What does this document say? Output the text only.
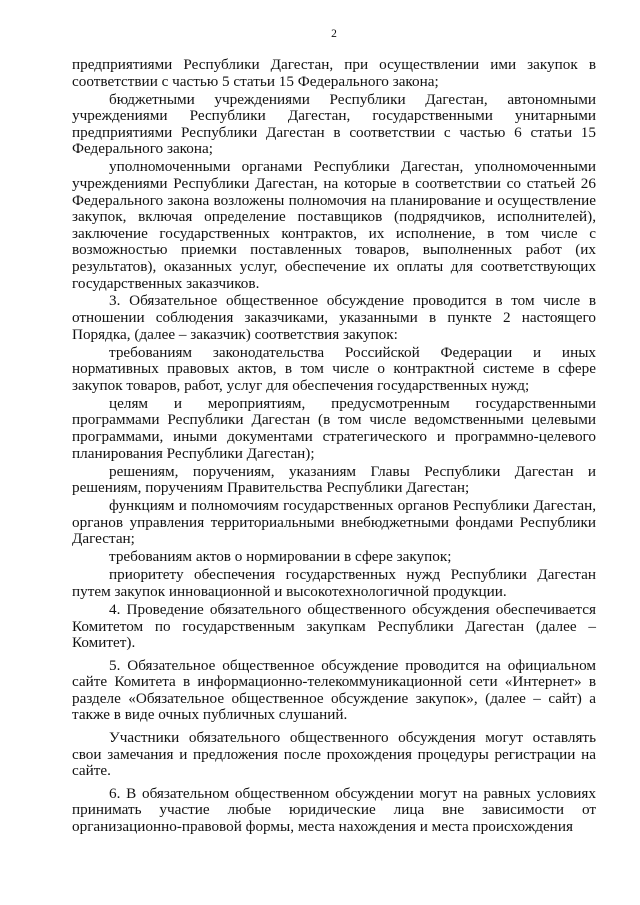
2

предприятиями Республики Дагестан, при осуществлении ими закупок в соответствии с частью 5 статьи 15 Федерального закона;

бюджетными учреждениями Республики Дагестан, автономными учреждениями Республики Дагестан, государственными унитарными предприятиями Республики Дагестан в соответствии с частью 6 статьи 15 Федерального закона;

уполномоченными органами Республики Дагестан, уполномоченными учреждениями Республики Дагестан, на которые в соответствии со статьей 26 Федерального закона возложены полномочия на планирование и осуществление закупок, включая определение поставщиков (подрядчиков, исполнителей), заключение государственных контрактов, их исполнение, в том числе с возможностью приемки поставленных товаров, выполненных работ (их результатов), оказанных услуг, обеспечение их оплаты для соответствующих государственных заказчиков.

3. Обязательное общественное обсуждение проводится в том числе в отношении соблюдения заказчиками, указанными в пункте 2 настоящего Порядка, (далее – заказчик) соответствия закупок:

требованиям законодательства Российской Федерации и иных нормативных правовых актов, в том числе о контрактной системе в сфере закупок товаров, работ, услуг для обеспечения государственных нужд;

целям и мероприятиям, предусмотренным государственными программами Республики Дагестан (в том числе ведомственными целевыми программами, иными документами стратегического и программно-целевого планирования Республики Дагестан);

решениям, поручениям, указаниям Главы Республики Дагестан и решениям, поручениям Правительства Республики Дагестан;

функциям и полномочиям государственных органов Республики Дагестан, органов управления территориальными внебюджетными фондами Республики Дагестан;

требованиям актов о нормировании в сфере закупок;

приоритету обеспечения государственных нужд Республики Дагестан путем закупок инновационной и высокотехнологичной продукции.

4. Проведение обязательного общественного обсуждения обеспечивается Комитетом по государственным закупкам Республики Дагестан (далее – Комитет).

5. Обязательное общественное обсуждение проводится на официальном сайте Комитета в информационно-телекоммуникационной сети «Интернет» в разделе «Обязательное общественное обсуждение закупок», (далее – сайт) а также в виде очных публичных слушаний.

Участники обязательного общественного обсуждения могут оставлять свои замечания и предложения после прохождения процедуры регистрации на сайте.

6. В обязательном общественном обсуждении могут на равных условиях принимать участие любые юридические лица вне зависимости от организационно-правовой формы, места нахождения и места происхождения
